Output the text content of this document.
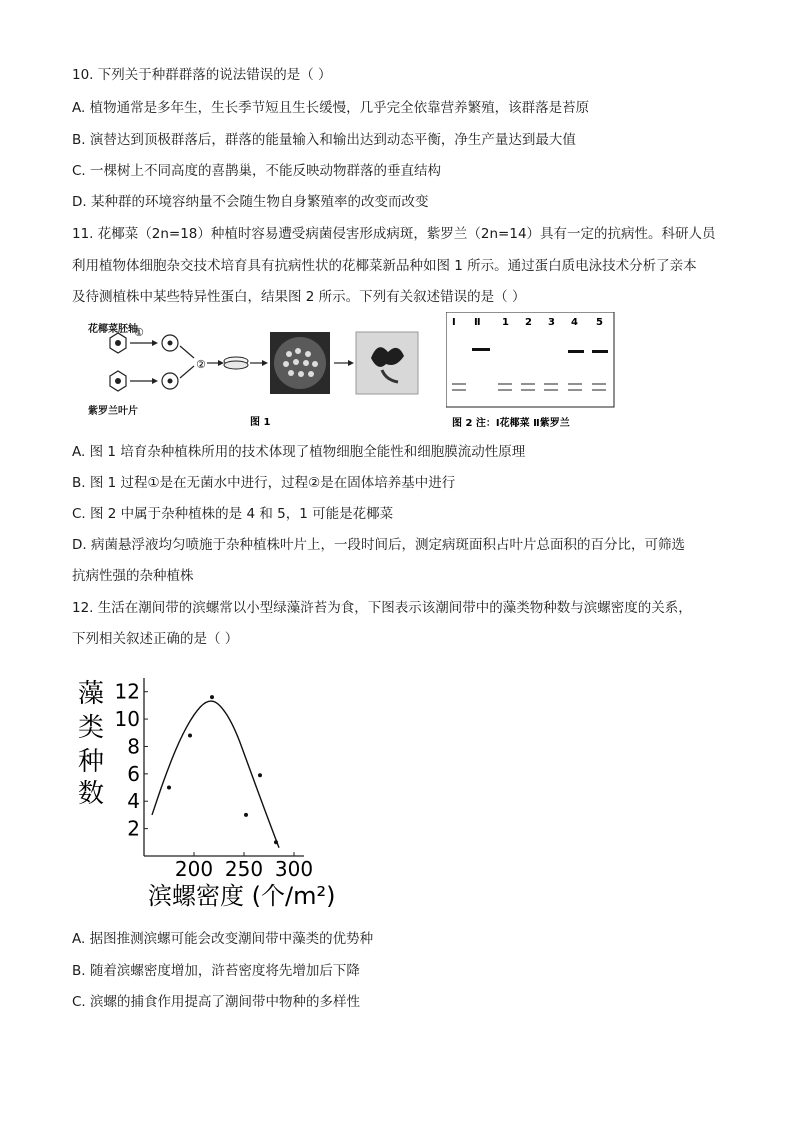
10. 下列关于种群群落的说法错误的是（ ）
A. 植物通常是多年生，生长季节短且生长缓慢，几乎完全依靠营养繁殖，该群落是苔原
B. 演替达到顶极群落后，群落的能量输入和输出达到动态平衡，净生产量达到最大值
C. 一棵树上不同高度的喜鹊巢，不能反映动物群落的垂直结构
D. 某种群的环境容纳量不会随生物自身繁殖率的改变而改变
11. 花椰菜（2n=18）种植时容易遭受病菌侵害形成病斑，紫罗兰（2n=14）具有一定的抗病性。科研人员
利用植物体细胞杂交技术培育具有抗病性状的花椰菜新品种如图 1 所示。通过蛋白质电泳技术分析了亲本
及待测植株中某些特异性蛋白，结果图 2 所示。下列有关叙述错误的是（ ）
花椰菜胚轴
紫罗兰叶片
①
②
图 1
Ⅰ Ⅱ 1 2 3 4 5
图 2 注：Ⅰ花椰菜 Ⅱ紫罗兰
A. 图 1 培育杂种植株所用的技术体现了植物细胞全能性和细胞膜流动性原理
B. 图 1 过程①是在无菌水中进行，过程②是在固体培养基中进行
C. 图 2 中属于杂种植株的是 4 和 5，1 可能是花椰菜
D. 病菌悬浮液均匀喷施于杂种植株叶片上，一段时间后，测定病斑面积占叶片总面积的百分比，可筛选
抗病性强的杂种植株
12. 生活在潮间带的滨螺常以小型绿藻浒苔为食，下图表示该潮间带中的藻类物种数与滨螺密度的关系，
下列相关叙述正确的是（ ）
藻
类
种
数
滨螺密度 (个/m²)
2
4
6
8
10
12
200 250 300
A. 据图推测滨螺可能会改变潮间带中藻类的优势种
B. 随着滨螺密度增加，浒苔密度将先增加后下降
C. 滨螺的捕食作用提高了潮间带中物种的多样性
